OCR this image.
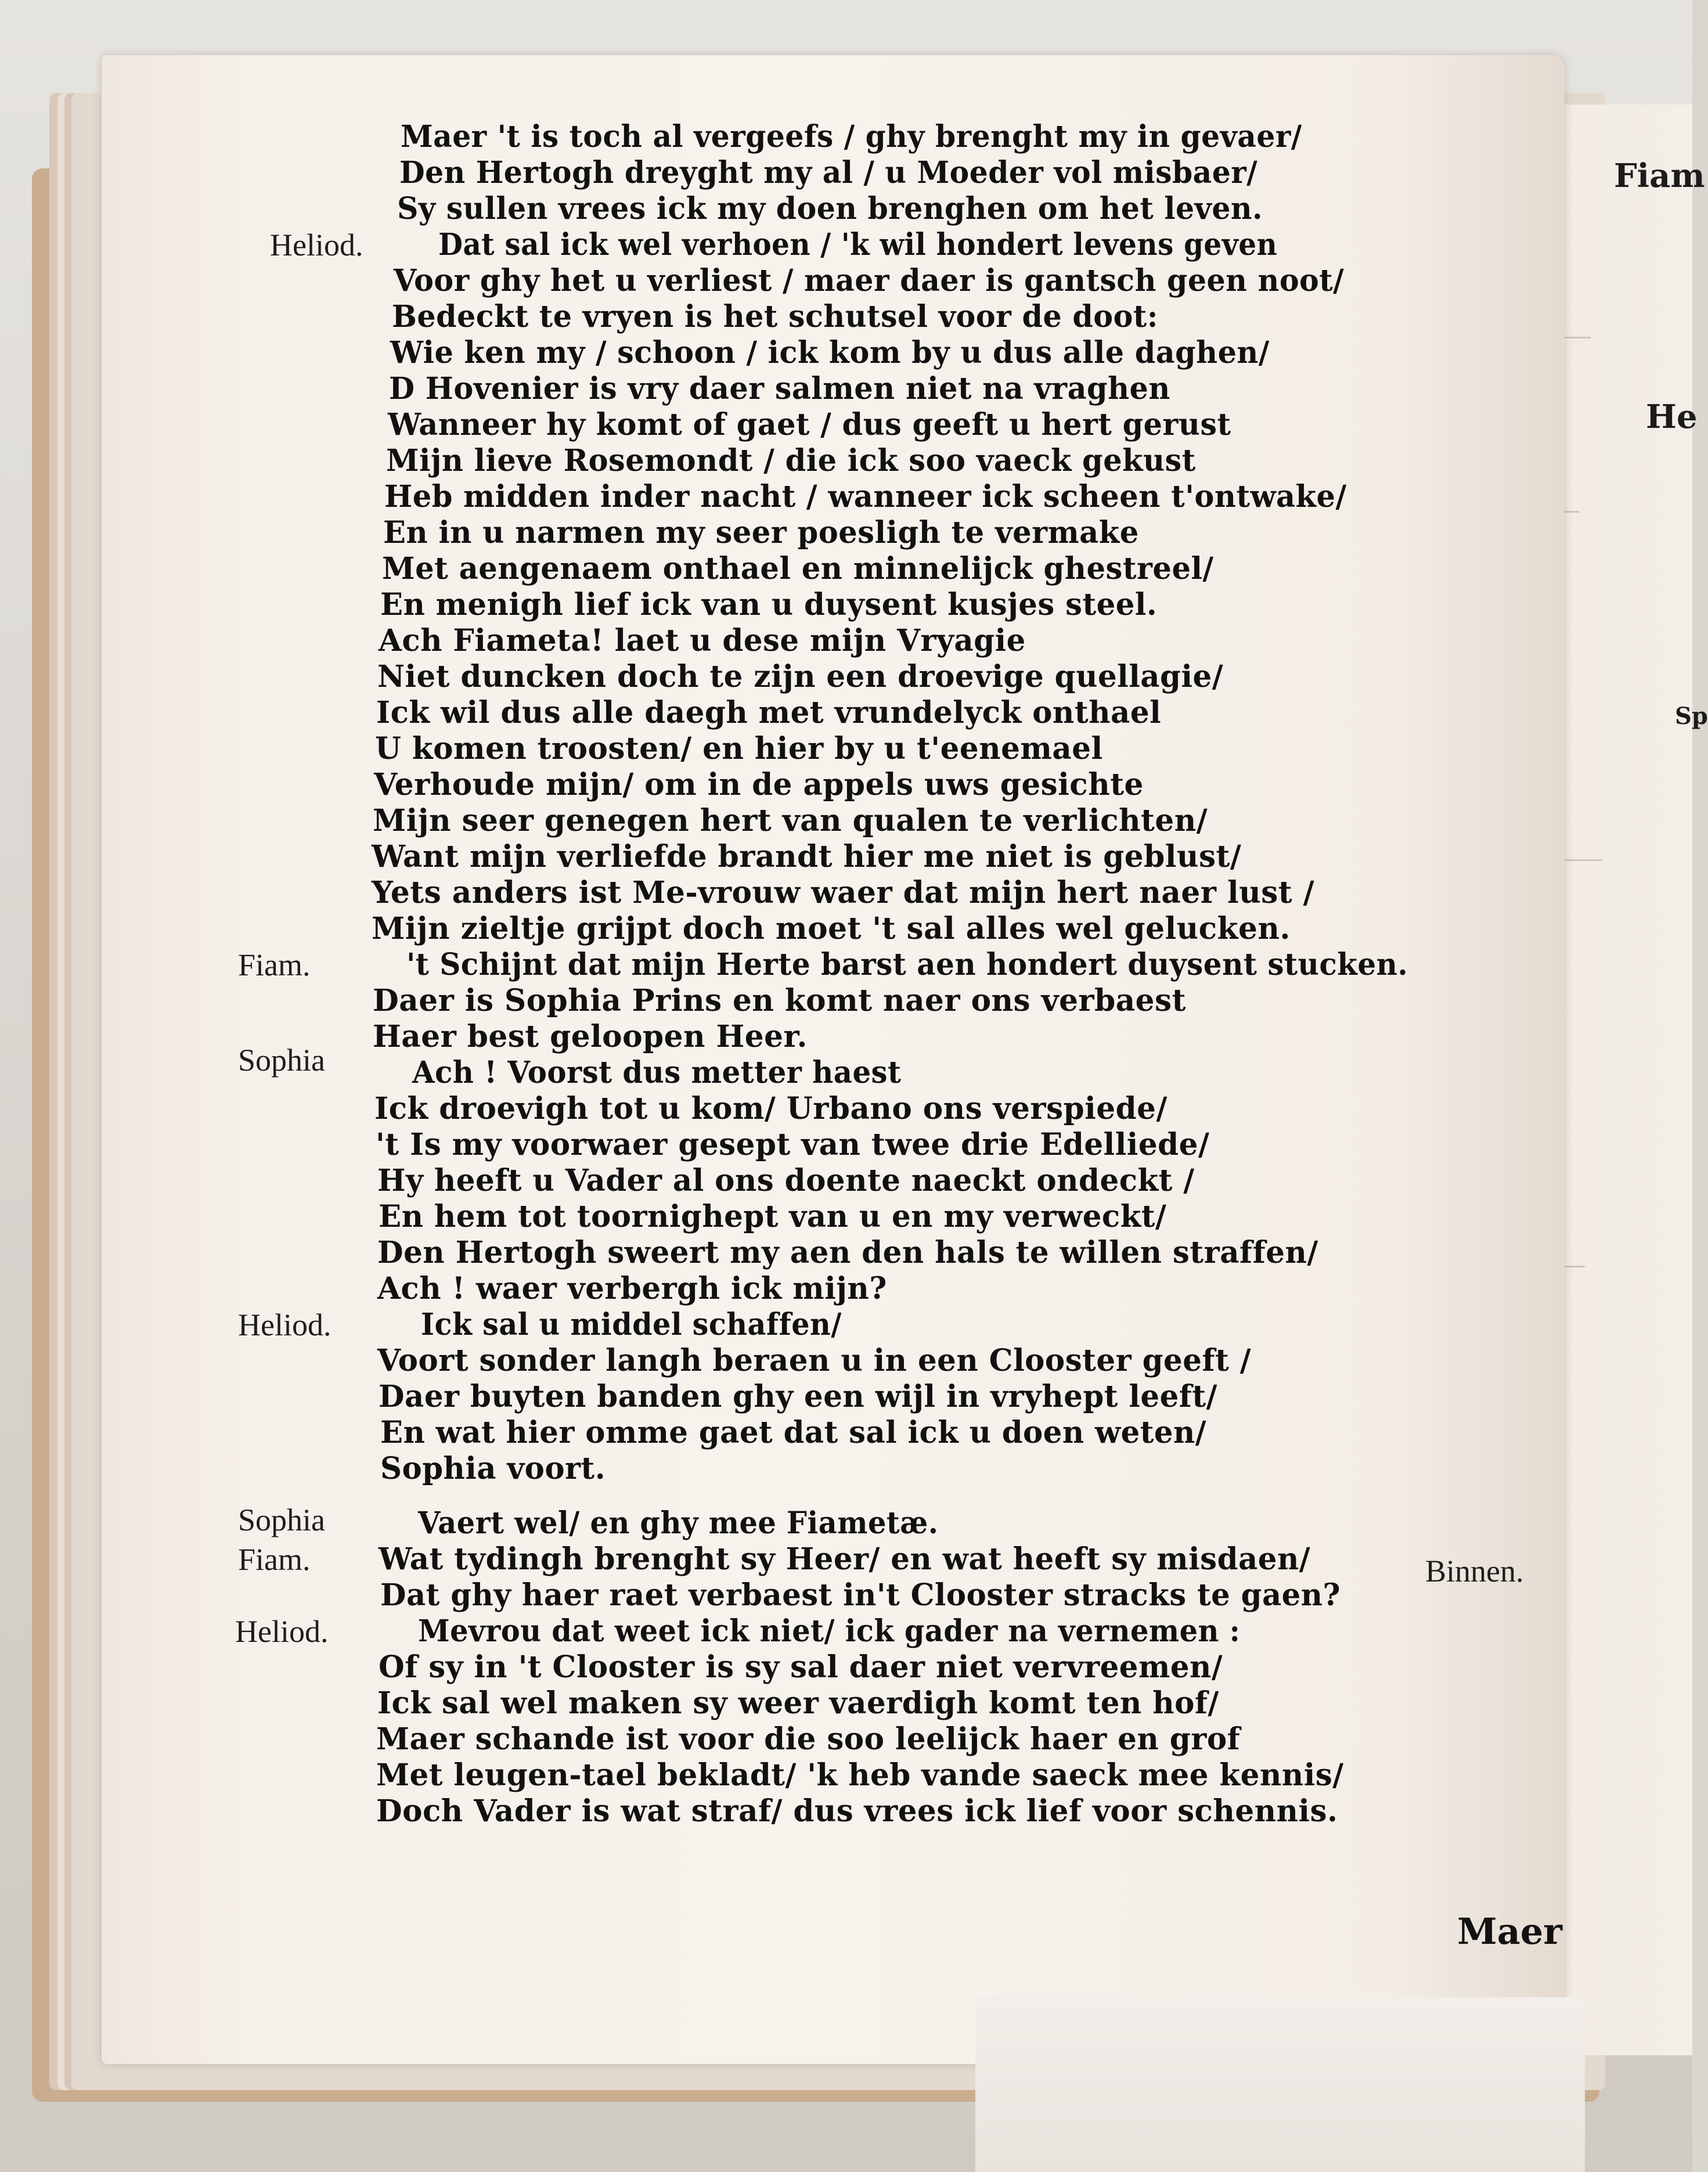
Fiam
He
Sp
Maer 't is toch al vergeefs / ghy brenght my in gevaer/
Den Hertogh dreyght my al / u Moeder vol misbaer/
Sy sullen vrees ick my doen brenghen om het leven.
Dat sal ick wel verhoen / 'k wil hondert levens geven
Voor ghy het u verliest / maer daer is gantsch geen noot/
Bedeckt te vryen is het schutsel voor de doot:
Wie ken my / schoon / ick kom by u dus alle daghen/
D Hovenier is vry daer salmen niet na vraghen
Wanneer hy komt of gaet / dus geeft u hert gerust
Mijn lieve Rosemondt / die ick soo vaeck gekust
Heb midden inder nacht / wanneer ick scheen t'ontwake/
En in u narmen my seer poesligh te vermake
Met aengenaem onthael en minnelijck ghestreel/
En menigh lief ick van u duysent kusjes steel.
Ach Fiameta! laet u dese mijn Vryagie
Niet duncken doch te zijn een droevige quellagie/
Ick wil dus alle daegh met vrundelyck onthael
U komen troosten/ en hier by u t'eenemael
Verhoude mijn/ om in de appels uws gesichte
Mijn seer genegen hert van qualen te verlichten/
Want mijn verliefde brandt hier me niet is geblust/
Yets anders ist Me-vrouw waer dat mijn hert naer lust /
Mijn zieltje grijpt doch moet 't sal alles wel gelucken.
't Schijnt dat mijn Herte barst aen hondert duysent stucken.
Daer is Sophia Prins en komt naer ons verbaest
Haer best geloopen Heer.
Ach ! Voorst dus metter haest
Ick droevigh tot u kom/ Urbano ons verspiede/
't Is my voorwaer gesept van twee drie Edelliede/
Hy heeft u Vader al ons doente naeckt ondeckt /
En hem tot toornighept van u en my verweckt/
Den Hertogh sweert my aen den hals te willen straffen/
Ach ! waer verbergh ick mijn?
Ick sal u middel schaffen/
Voort sonder langh beraen u in een Clooster geeft /
Daer buyten banden ghy een wijl in vryhept leeft/
En wat hier omme gaet dat sal ick u doen weten/
Sophia voort.
Vaert wel/ en ghy mee Fiametæ.
Wat tydingh brenght sy Heer/ en wat heeft sy misdaen/
Dat ghy haer raet verbaest in't Clooster stracks te gaen?
Mevrou dat weet ick niet/ ick gader na vernemen :
Of sy in 't Clooster is sy sal daer niet vervreemen/
Ick sal wel maken sy weer vaerdigh komt ten hof/
Maer schande ist voor die soo leelijck haer en grof
Met leugen-tael bekladt/ 'k heb vande saeck mee kennis/
Doch Vader is wat straf/ dus vrees ick lief voor schennis.
Heliod.
Fiam.
Sophia
Heliod.
Sophia
Fiam.
Heliod.
Binnen.
Maer
